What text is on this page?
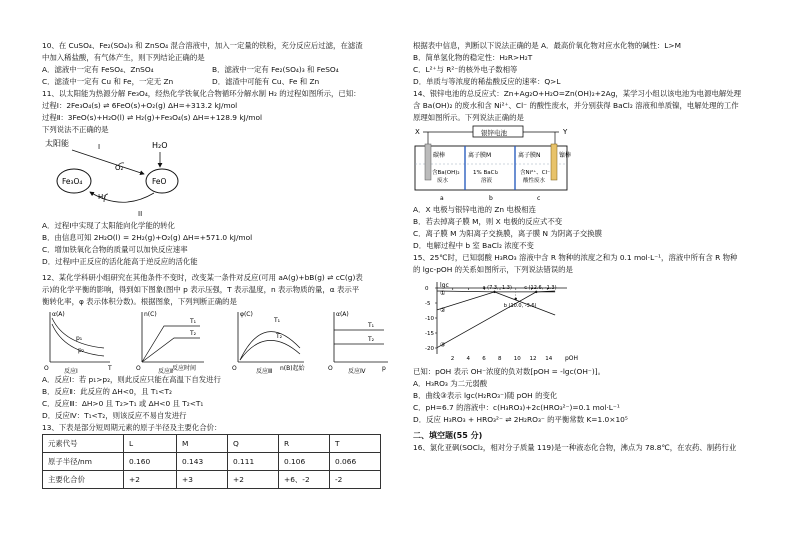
10、在 CuSO₄、Fe₂(SO₄)₃ 和 ZnSO₄ 混合溶液中，加入一定量的铁粉，充分反应后过滤，在滤渣
中加入稀盐酸，有气体产生，则下列结论正确的是
A．滤液中一定有 FeSO₄、ZnSO₄	B．滤液中一定有 Fe₂(SO₄)₃ 和 FeSO₄
C．滤渣中一定有 Cu 和 Fe，一定无 Zn	D．滤渣中可能有 Cu、Fe 和 Zn
11、以太阳能为热源分解 Fe₃O₄，经热化学铁氧化合物循环分解水制 H₂ 的过程如图所示，已知：
过程Ⅰ：2Fe₃O₄(s) ⇌ 6FeO(s)+O₂(g) ΔH=+313.2 kJ/mol
过程Ⅱ：3FeO(s)+H₂O(l) ⇌ H₂(g)+Fe₃O₄(s) ΔH=+128.9 kJ/mol
下列说法不正确的是
太阳能	I	H₂O
O₂
H₂
II
Fe₃O₄	FeO
A．过程Ⅰ中实现了太阳能向化学能的转化
B．由信息可知 2H₂O(l) = 2H₂(g)+O₂(g) ΔH=+571.0 kJ/mol
C．增加铁氧化合物的质量可以加快反应速率
D．过程Ⅰ中正反应的活化能高于逆反应的活化能
12、某化学科研小组研究在其他条件不变时，改变某一条件对反应(可用 aA(g)+bB(g) ⇌ cC(g)表
示)的化学平衡的影响，得到如下图象(图中 p 表示压强，T 表示温度，n 表示物质的量，α 表示平
衡转化率，φ 表示体积分数)。根据图象，下列判断正确的是
α(A)
T
O
p₁
p₂
反应Ⅰ
n(C)
反应时间
O
T₁
T₂
反应Ⅱ
φ(C)
n(B)起始
O
T₁
T₂
反应Ⅲ
α(A)
p
O
T₁
T₂
反应Ⅳ
A．反应Ⅰ：若 p₁>p₂，则此反应只能在高温下自发进行
B．反应Ⅱ：此反应的 ΔH<0，且 T₁<T₂
C．反应Ⅲ：ΔH>0 且 T₂>T₁ 或 ΔH<0 且 T₂<T₁
D．反应Ⅳ：T₁<T₂，则该反应不易自发进行
13、下表是部分短周期元素的原子半径及主要化合价：
元素代号	L	M	Q	R	T
原子半径/nm	0.160	0.143	0.111	0.106	0.066
主要化合价	+2	+3	+2	+6、-2	-2
根据表中信息，判断以下说法正确的是 A．最高价氧化物对应水化物的碱性：L>M
B．简单氢化物的稳定性：H₂R>H₂T
C．L²⁺与 R²⁻的核外电子数相等
D．单质与等浓度的稀盐酸反应的速率：Q>L
14、银锌电池的总反应式：Zn+Ag₂O+H₂O=Zn(OH)₂+2Ag，某学习小组以该电池为电源电解处理
含 Ba(OH)₂ 的废水和含 Ni²⁺、Cl⁻ 的酸性废水，并分别获得 BaCl₂ 溶液和单质镍，电解处理的工作
原理如图所示。下列说法正确的是
X	Y
银锌电池
碳棒	离子膜M	离子膜N	镍棒
含Ba(OH)₂
废水
1% BaCl₂
溶液
含Ni²⁺、Cl⁻
酸性废水
a	b	c
A．X 电极与银锌电池的 Zn 电极相连
B．若去掉离子膜 M，则 X 电极的反应式不变
C．离子膜 M 为阳离子交换膜，离子膜 N 为阴离子交换膜
D．电解过程中 b 室 BaCl₂ 浓度不变
15、25℃时，已知弱酸 H₃RO₃ 溶液中含 R 物种的浓度之和为 0.1 mol·L⁻¹，溶液中所有含 R 物种
的 lgc-pOH 的关系如图所示，下列说法错误的是
lgc
pOH
2 4 6 8 10 12 14
0
-5
-10
-15
-20
①
②
③
a (7.3, -1.3) c (12.6, -1.3)
b (10.0, -3.6)
已知：pOH 表示 OH⁻浓度的负对数[pOH = -lgc(OH⁻)]。
A．H₃RO₃ 为二元弱酸
B．曲线③表示 lgc(H₂RO₃⁻)随 pOH 的变化
C．pH=6.7 的溶液中：c(H₃RO₃)+2c(HRO₃²⁻)=0.1 mol·L⁻¹
D．反应 H₃RO₃ + HRO₃²⁻ ⇌ 2H₂RO₃⁻ 的平衡常数 K=1.0×10⁵
二、填空题(55 分)
16、氯化亚砜(SOCl₂，相对分子质量 119)是一种液态化合物，沸点为 78.8℃，在农药、制药行业
